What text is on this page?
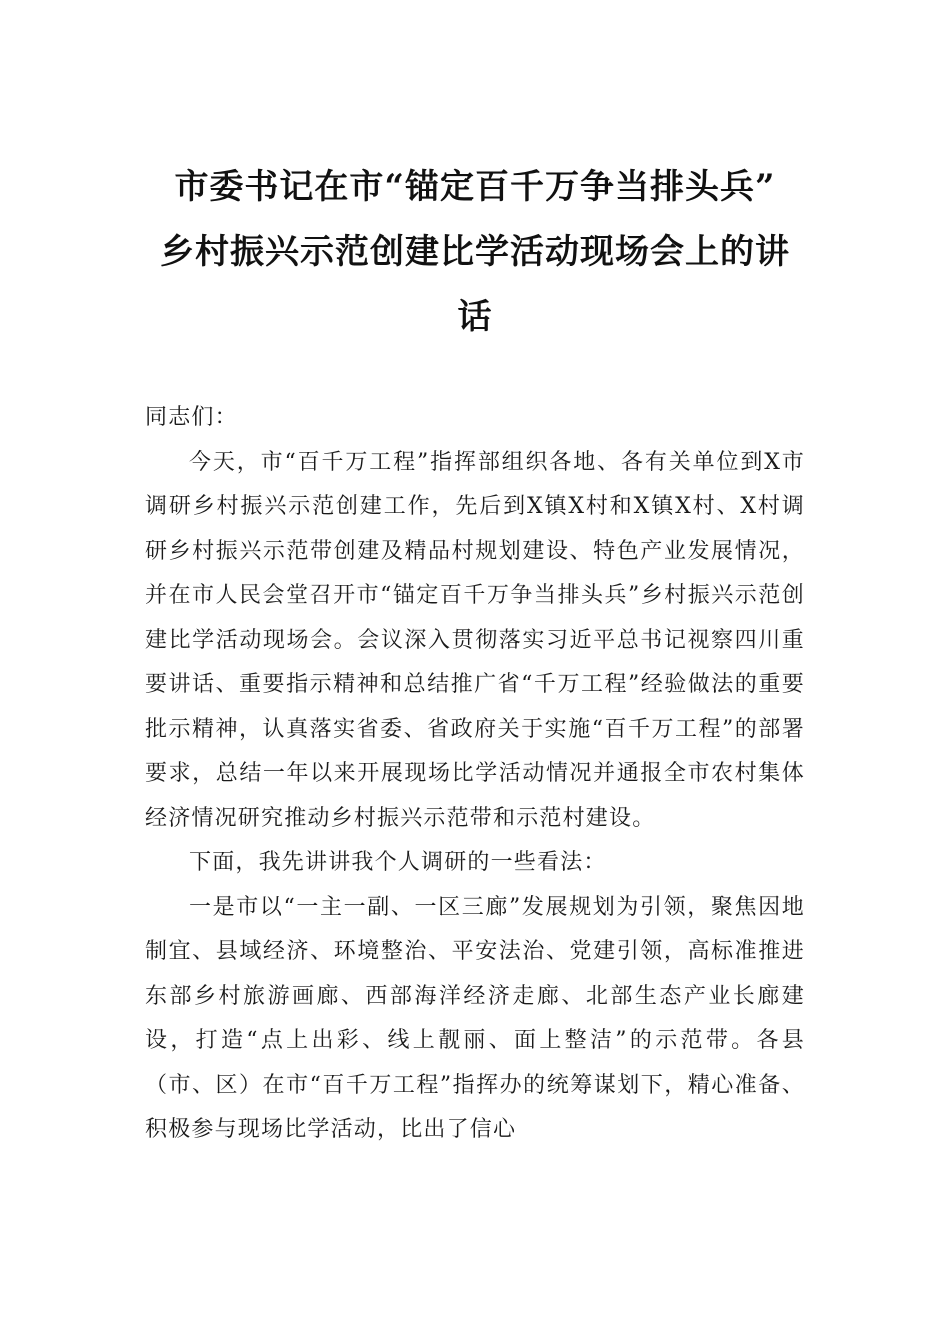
市委书记在市“锚定百千万争当排头兵”
乡村振兴示范创建比学活动现场会上的讲
话

同志们：

今天，市“百千万工程”指挥部组织各地、各有关单位到X市调研乡村振兴示范创建工作，先后到X镇X村和X镇X村、X村调研乡村振兴示范带创建及精品村规划建设、特色产业发展情况，并在市人民会堂召开市“锚定百千万争当排头兵”乡村振兴示范创建比学活动现场会。会议深入贯彻落实习近平总书记视察四川重要讲话、重要指示精神和总结推广省“千万工程”经验做法的重要批示精神，认真落实省委、省政府关于实施“百千万工程”的部署要求，总结一年以来开展现场比学活动情况并通报全市农村集体经济情况研究推动乡村振兴示范带和示范村建设。

下面，我先讲讲我个人调研的一些看法：

一是市以“一主一副、一区三廊”发展规划为引领，聚焦因地制宜、县域经济、环境整治、平安法治、党建引领，高标准推进东部乡村旅游画廊、西部海洋经济走廊、北部生态产业长廊建设，打造“点上出彩、线上靓丽、面上整洁”的示范带。各县（市、区）在市“百千万工程”指挥办的统筹谋划下，精心准备、积极参与现场比学活动，比出了信心
